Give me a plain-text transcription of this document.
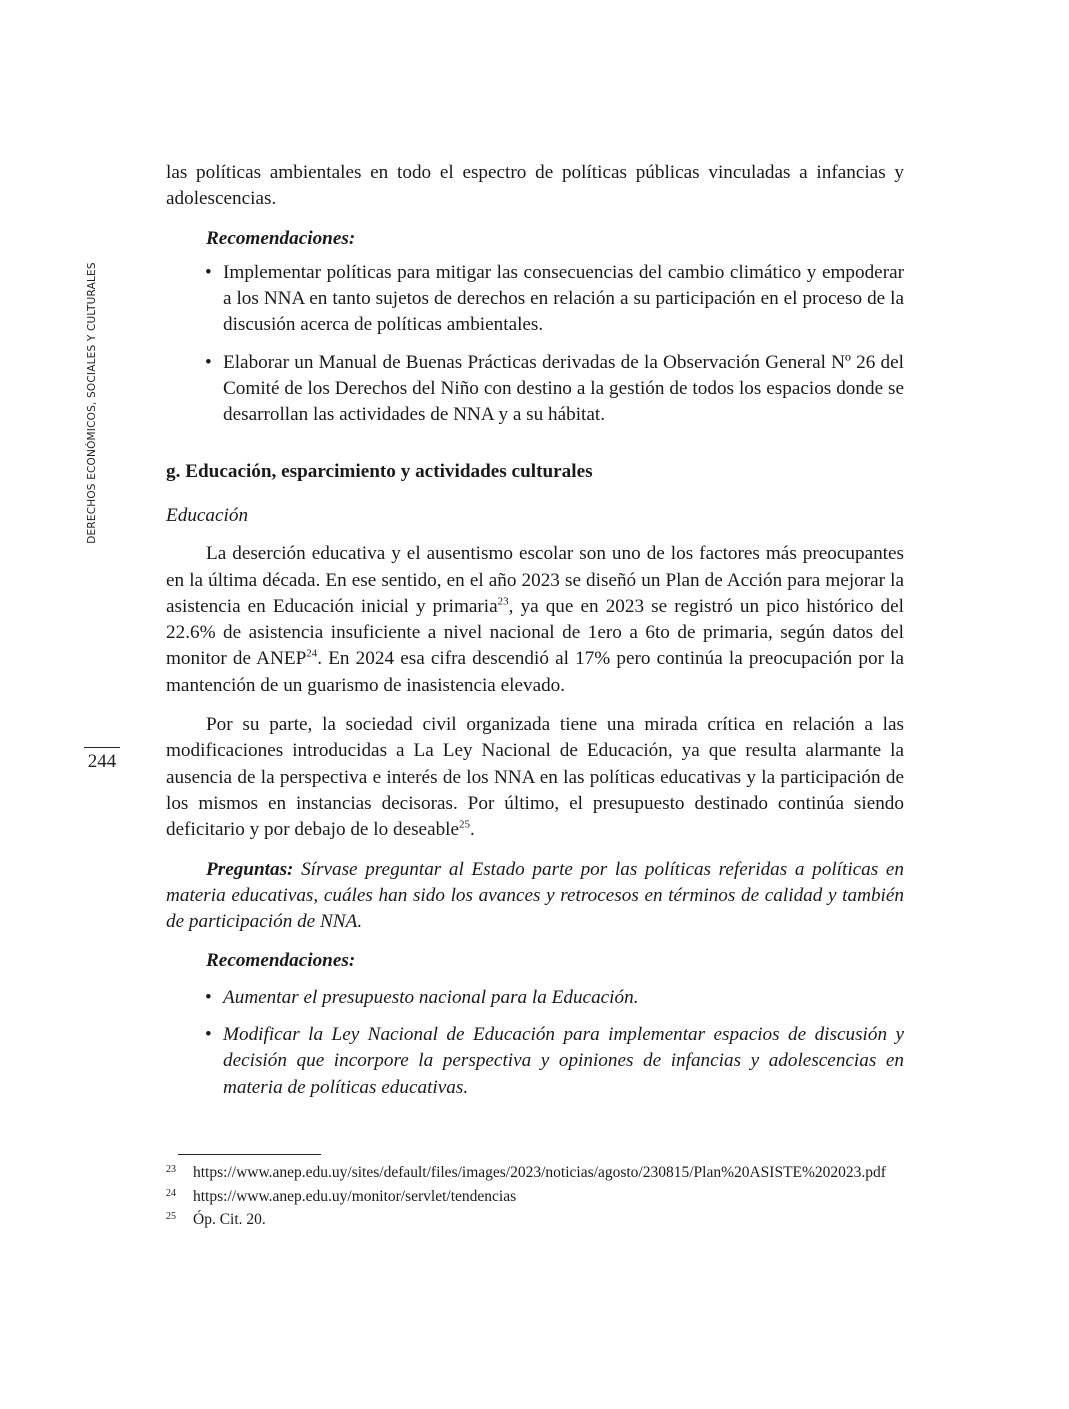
DERECHOS ECONÓMICOS, SOCIALES Y CULTURALES
244

las políticas ambientales en todo el espectro de políticas públicas vinculadas a infancias y adolescencias.

Recomendaciones:

• Implementar políticas para mitigar las consecuencias del cambio climático y empoderar a los NNA en tanto sujetos de derechos en relación a su participación en el proceso de la discusión acerca de políticas ambientales.
• Elaborar un Manual de Buenas Prácticas derivadas de la Observación General Nº 26 del Comité de los Derechos del Niño con destino a la gestión de todos los espacios donde se desarrollan las actividades de NNA y a su hábitat.

g. Educación, esparcimiento y actividades culturales

Educación

La deserción educativa y el ausentismo escolar son uno de los factores más preocupantes en la última década. En ese sentido, en el año 2023 se diseñó un Plan de Acción para mejorar la asistencia en Educación inicial y primaria$^{23}$, ya que en 2023 se registró un pico histórico del 22.6% de asistencia insuficiente a nivel nacional de 1ero a 6to de primaria, según datos del monitor de ANEP$^{24}$. En 2024 esa cifra descendió al 17% pero continúa la preocupación por la mantención de un guarismo de inasistencia elevado.

Por su parte, la sociedad civil organizada tiene una mirada crítica en relación a las modificaciones introducidas a La Ley Nacional de Educación, ya que resulta alarmante la ausencia de la perspectiva e interés de los NNA en las políticas educativas y la participación de los mismos en instancias decisoras. Por último, el presupuesto destinado continúa siendo deficitario y por debajo de lo deseable$^{25}$.

Preguntas: Sírvase preguntar al Estado parte por las políticas referidas a políticas en materia educativas, cuáles han sido los avances y retrocesos en términos de calidad y también de participación de NNA.

Recomendaciones:

• Aumentar el presupuesto nacional para la Educación.
• Modificar la Ley Nacional de Educación para implementar espacios de discusión y decisión que incorpore la perspectiva y opiniones de infancias y adolescencias en materia de políticas educativas.
23 https://www.anep.edu.uy/sites/default/files/images/2023/noticias/agosto/230815/Plan%20ASISTE%202023.pdf
24 https://www.anep.edu.uy/monitor/servlet/tendencias
25 Óp. Cit. 20.
